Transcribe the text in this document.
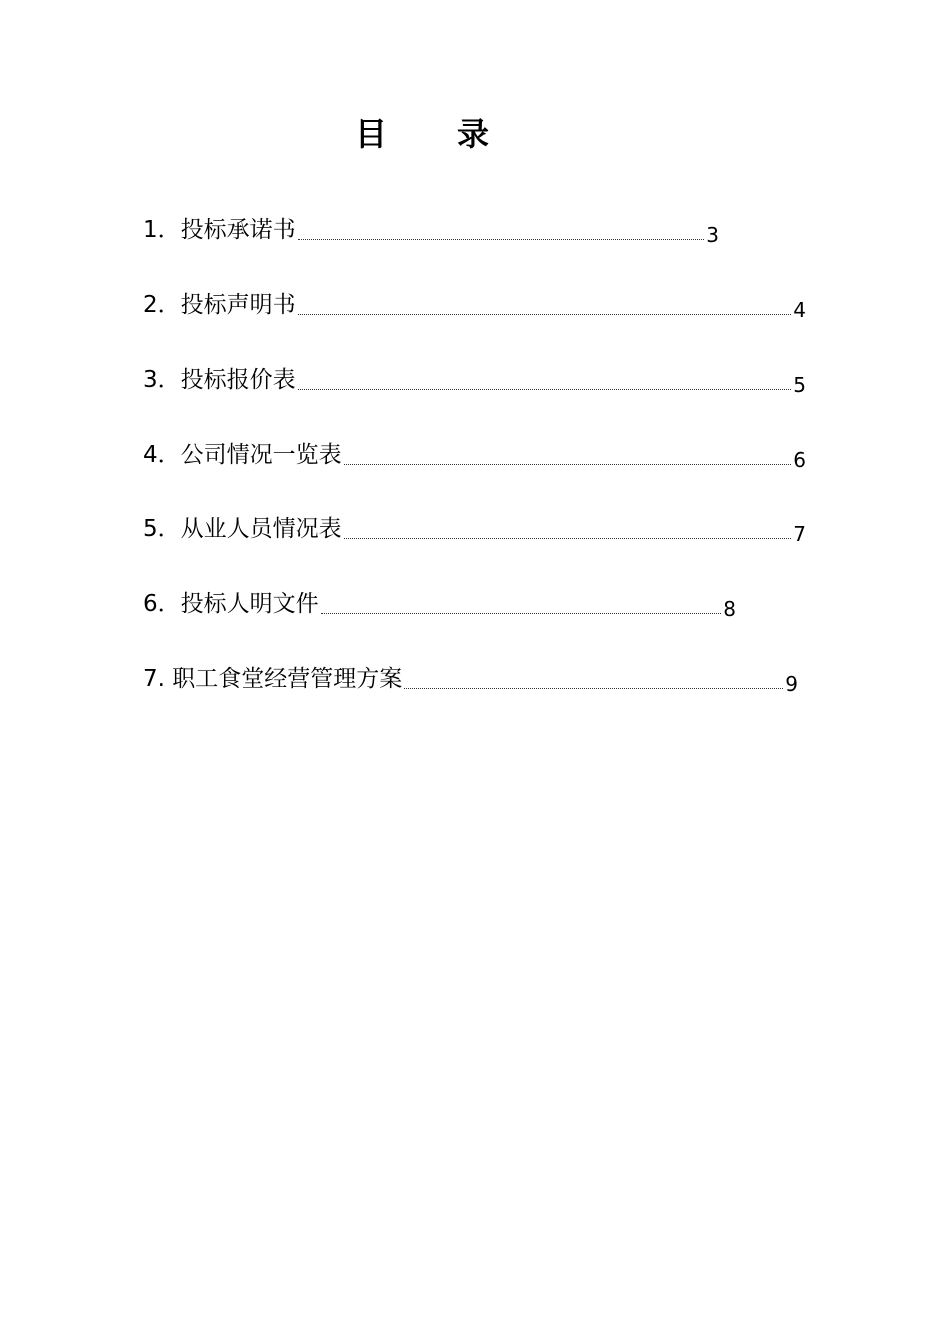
目 录
1．投标承诺书	3
2．投标声明书	4
3．投标报价表	5
4．公司情况一览表	6
5．从业人员情况表	7
6．投标人明文件	8
7. 职工食堂经营管理方案	9
